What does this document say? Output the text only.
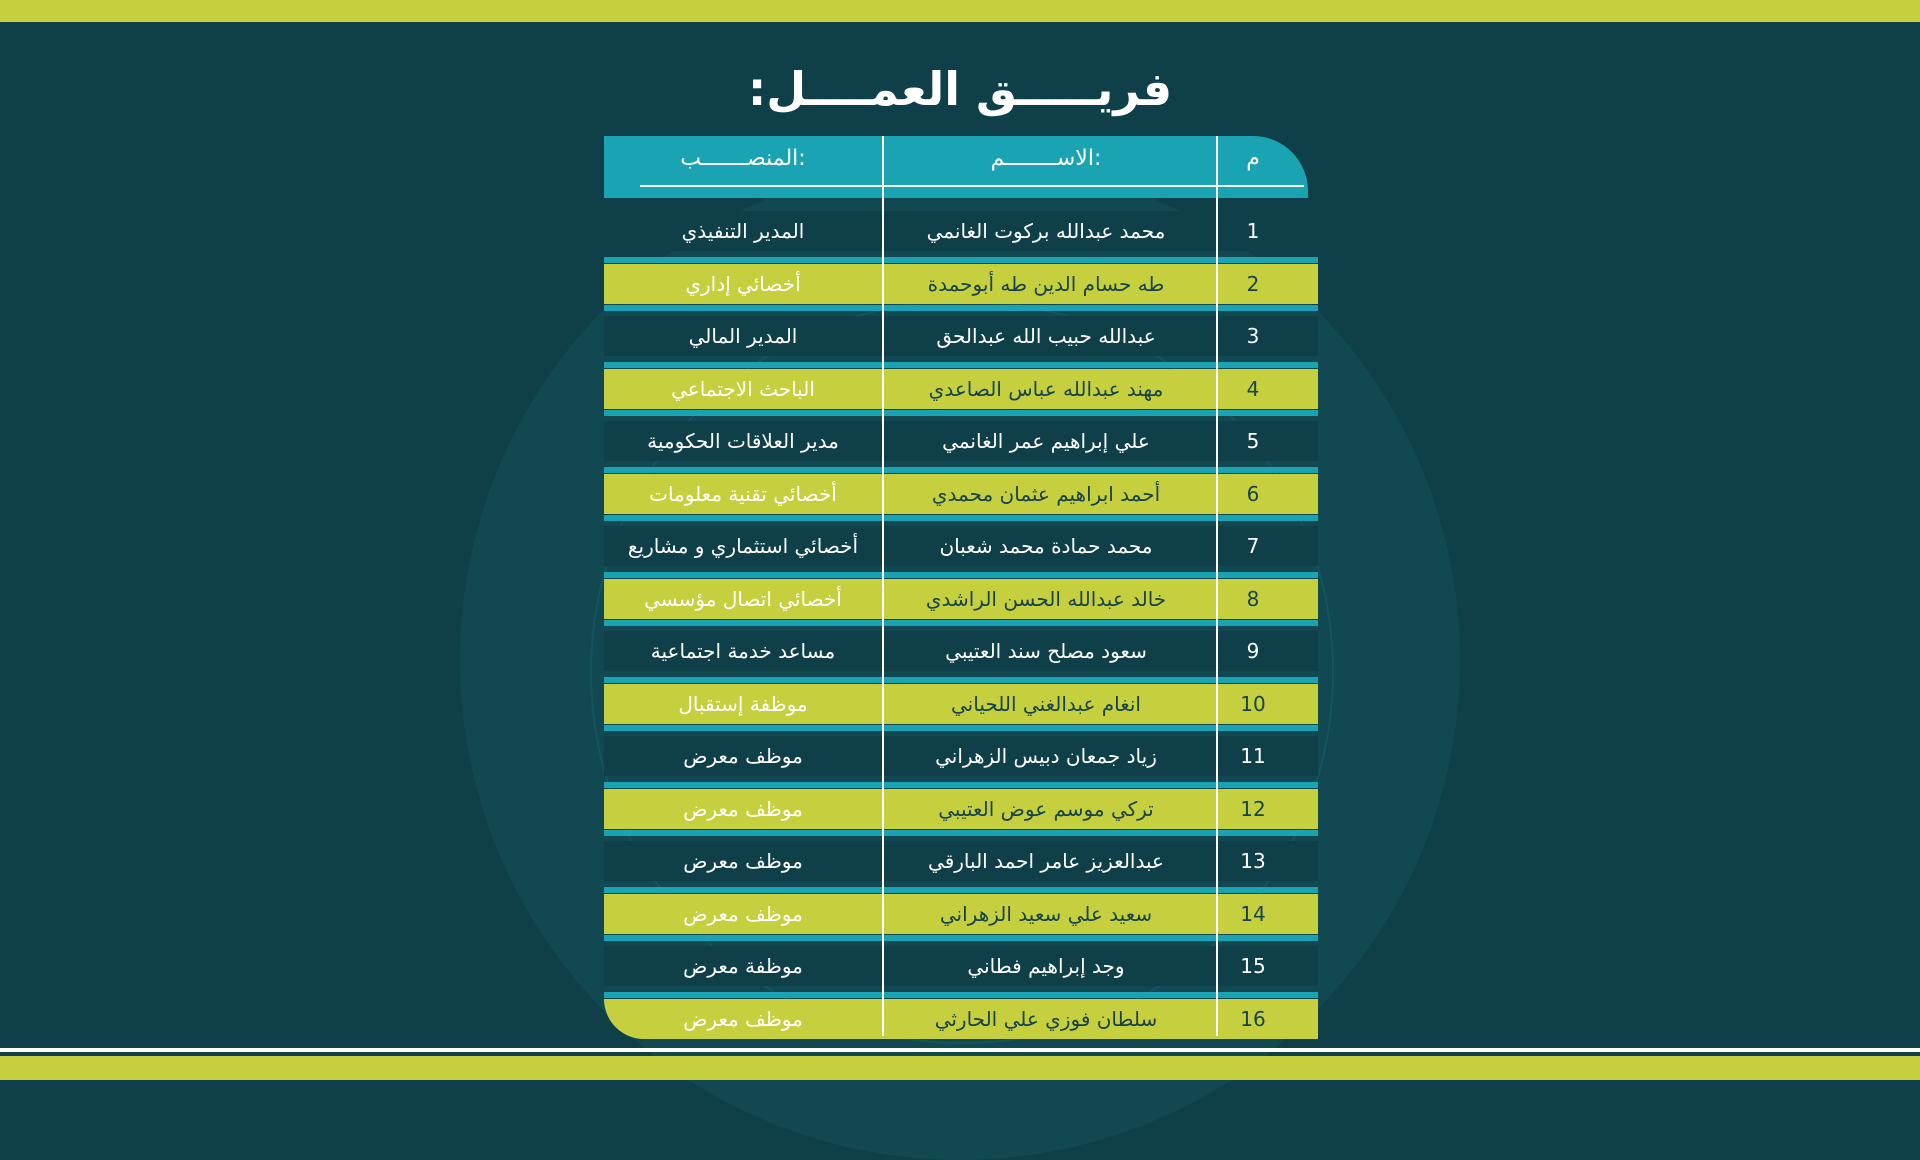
فريـــــق العمــــل:
م
الاســــــــم:
المنصـــــــب:
1
محمد عبدالله بركوت الغانمي
المدير التنفيذي
2
طه حسام الدين طه أبوحمدة
أخصائي إداري
3
عبدالله حبيب الله عبدالحق
المدير المالي
4
مهند عبدالله عباس الصاعدي
الباحث الاجتماعي
5
علي إبراهيم عمر الغانمي
مدير العلاقات الحكومية
6
أحمد ابراهيم عثمان محمدي
أخصائي تقنية معلومات
7
محمد حمادة محمد شعبان
أخصائي استثماري و مشاريع
8
خالد عبدالله الحسن الراشدي
أخصائي اتصال مؤسسي
9
سعود مصلح سند العتيبي
مساعد خدمة اجتماعية
10
انغام عبدالغني اللحياني
موظفة إستقبال
11
زياد جمعان دبيس الزهراني
موظف معرض
12
تركي موسم عوض العتيبي
موظف معرض
13
عبدالعزيز عامر احمد البارقي
موظف معرض
14
سعيد علي سعيد الزهراني
موظف معرض
15
وجد إبراهيم فطاني
موظفة معرض
16
سلطان فوزي علي الحارثي
موظف معرض
